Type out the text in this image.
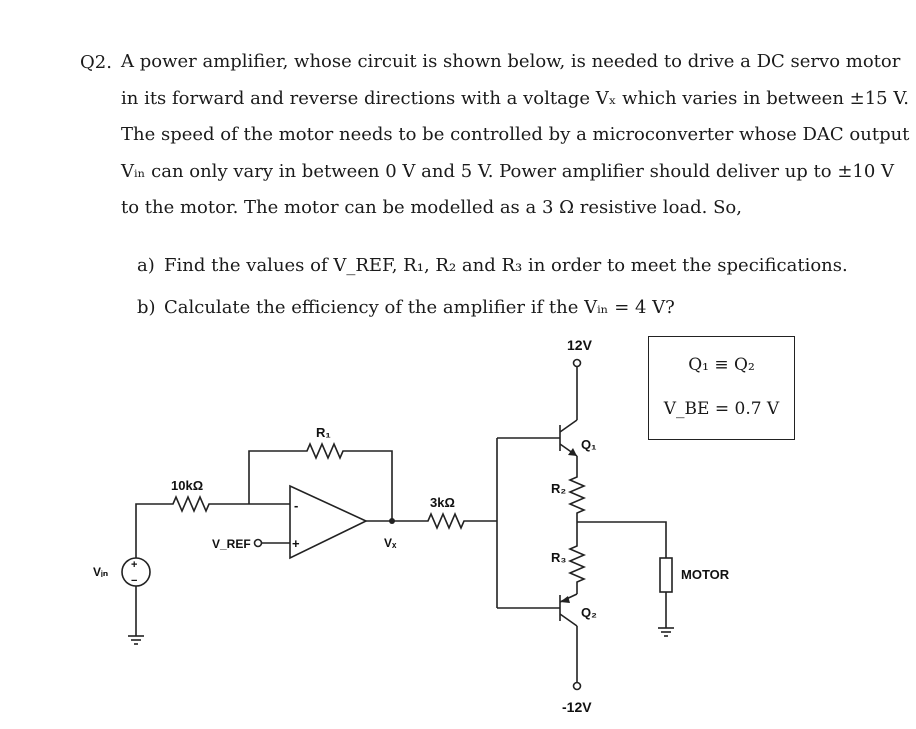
Q2. A power amplifier, whose circuit is shown below, is needed to drive a DC servo motor
in its forward and reverse directions with a voltage Vₓ which varies in between ±15 V.
The speed of the motor needs to be controlled by a microconverter whose DAC output
Vᵢₙ can only vary in between 0 V and 5 V. Power amplifier should deliver up to ±10 V
to the motor. The motor can be modelled as a 3 Ω resistive load. So,
a) Find the values of V_REF, R₁, R₂ and R₃ in order to meet the specifications.
b) Calculate the efficiency of the amplifier if the Vᵢₙ = 4 V?
Q₁ ≡ Q₂
V_BE = 0.7 V
+
−
-
+
12V
-12V
10kΩ
R₁
3kΩ
R₂
R₃
Q₁
Q₂
V_REF	Vₓ
Vᵢₙ	MOTOR
